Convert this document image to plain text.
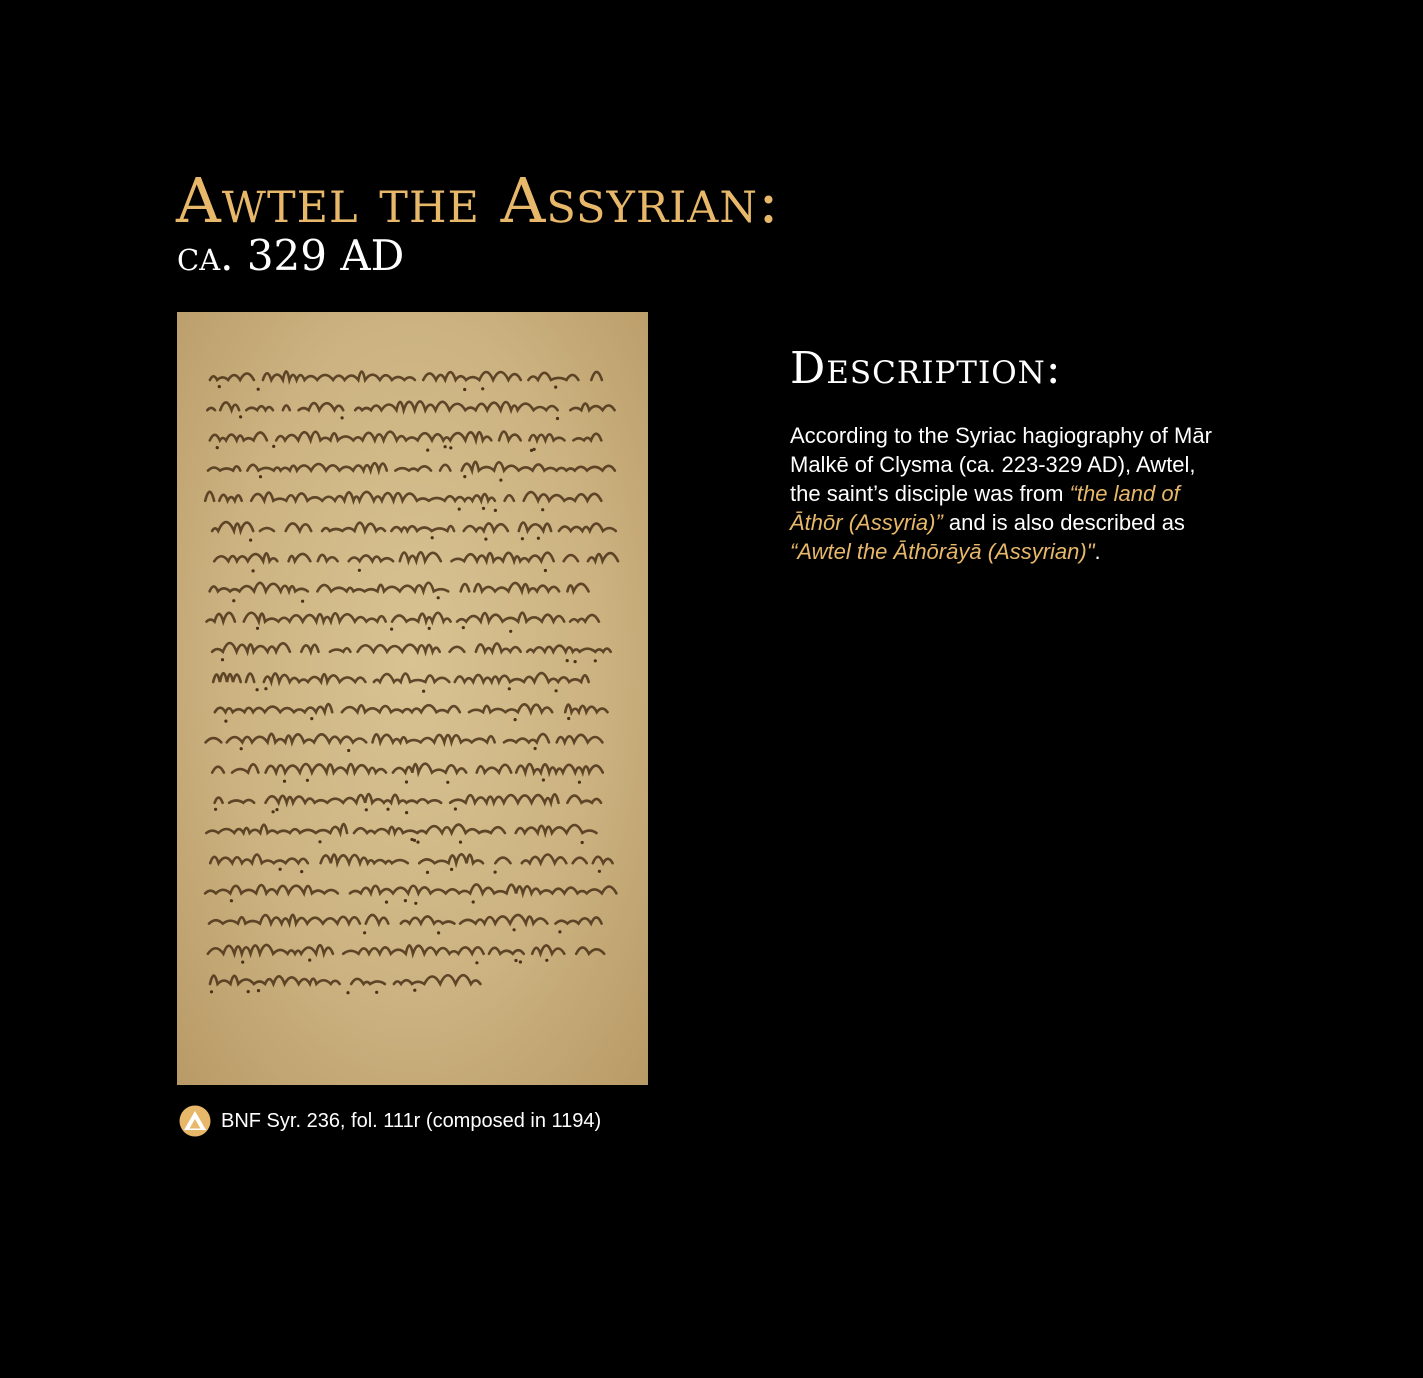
Awtel the Assyrian:
ca. 329 AD
BNF Syr. 236, fol. 111r (composed in 1194)
Description:

According to the Syriac hagiography of Mār Malkē of Clysma (ca. 223-329 AD), Awtel, the saint’s disciple was from “the land of Āthōr (Assyria)” and is also described as “Awtel the Āthōrāyā (Assyrian)".
